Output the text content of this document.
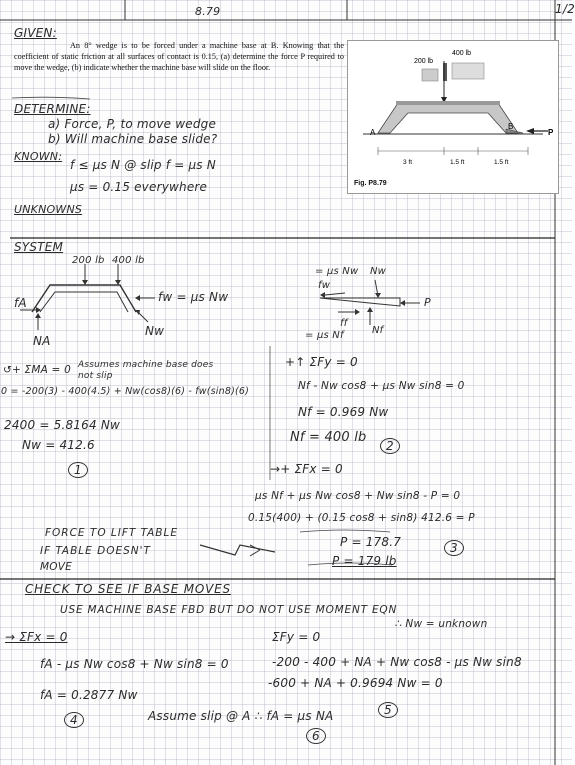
8.79	1/2
GIVEN:
An 8° wedge is to be forced under a machine base at B. Knowing that the coefficient of static friction at all surfaces of contact is 0.15, (a) determine the force P required to move the wedge, (b) indicate whether the machine base will slide on the floor.
200 lb
400 lb
A
B
P
3 ft	1.5 ft	1.5 ft
Fig. P8.79
DETERMINE:
a) Force, P, to move wedge
b) Will machine base slide?
KNOWN:
f ≤ μs N @ slip f = μs N
μs = 0.15 everywhere
UNKNOWNS
SYSTEM
200 lb 400 lb
fA
NA
fw = μs Nw
Nw
= μs Nw
fw
Nw
ff
= μs Nf	Nf
P
↺+ ΣMA = 0 Assumes machine base does not slip
0 = -200(3) - 400(4.5) + Nw(cos8)(6) - fw(sin8)(6)
2400 = 5.8164 Nw
Nw = 412.6
1
+↑ ΣFy = 0
Nf - Nw cos8 + μs Nw sin8 = 0
Nf = 0.969 Nw
Nf = 400 lb
2
→+ ΣFx = 0
μs Nf + μs Nw cos8 + Nw sin8 - P = 0
0.15(400) + (0.15 cos8 + sin8) 412.6 = P
P = 178.7
P = 179 lb
3
FORCE TO LIFT TABLE
IF TABLE DOESN'T
MOVE
CHECK TO SEE IF BASE MOVES
USE MACHINE BASE FBD BUT DO NOT USE MOMENT EQN
∴ Nw = unknown
→ ΣFx = 0
fA - μs Nw cos8 + Nw sin8 = 0
fA = 0.2877 Nw
4
ΣFy = 0
-200 - 400 + NA + Nw cos8 - μs Nw sin8
-600 + NA + 0.9694 Nw = 0
5
Assume slip @ A ∴ fA = μs NA
6
